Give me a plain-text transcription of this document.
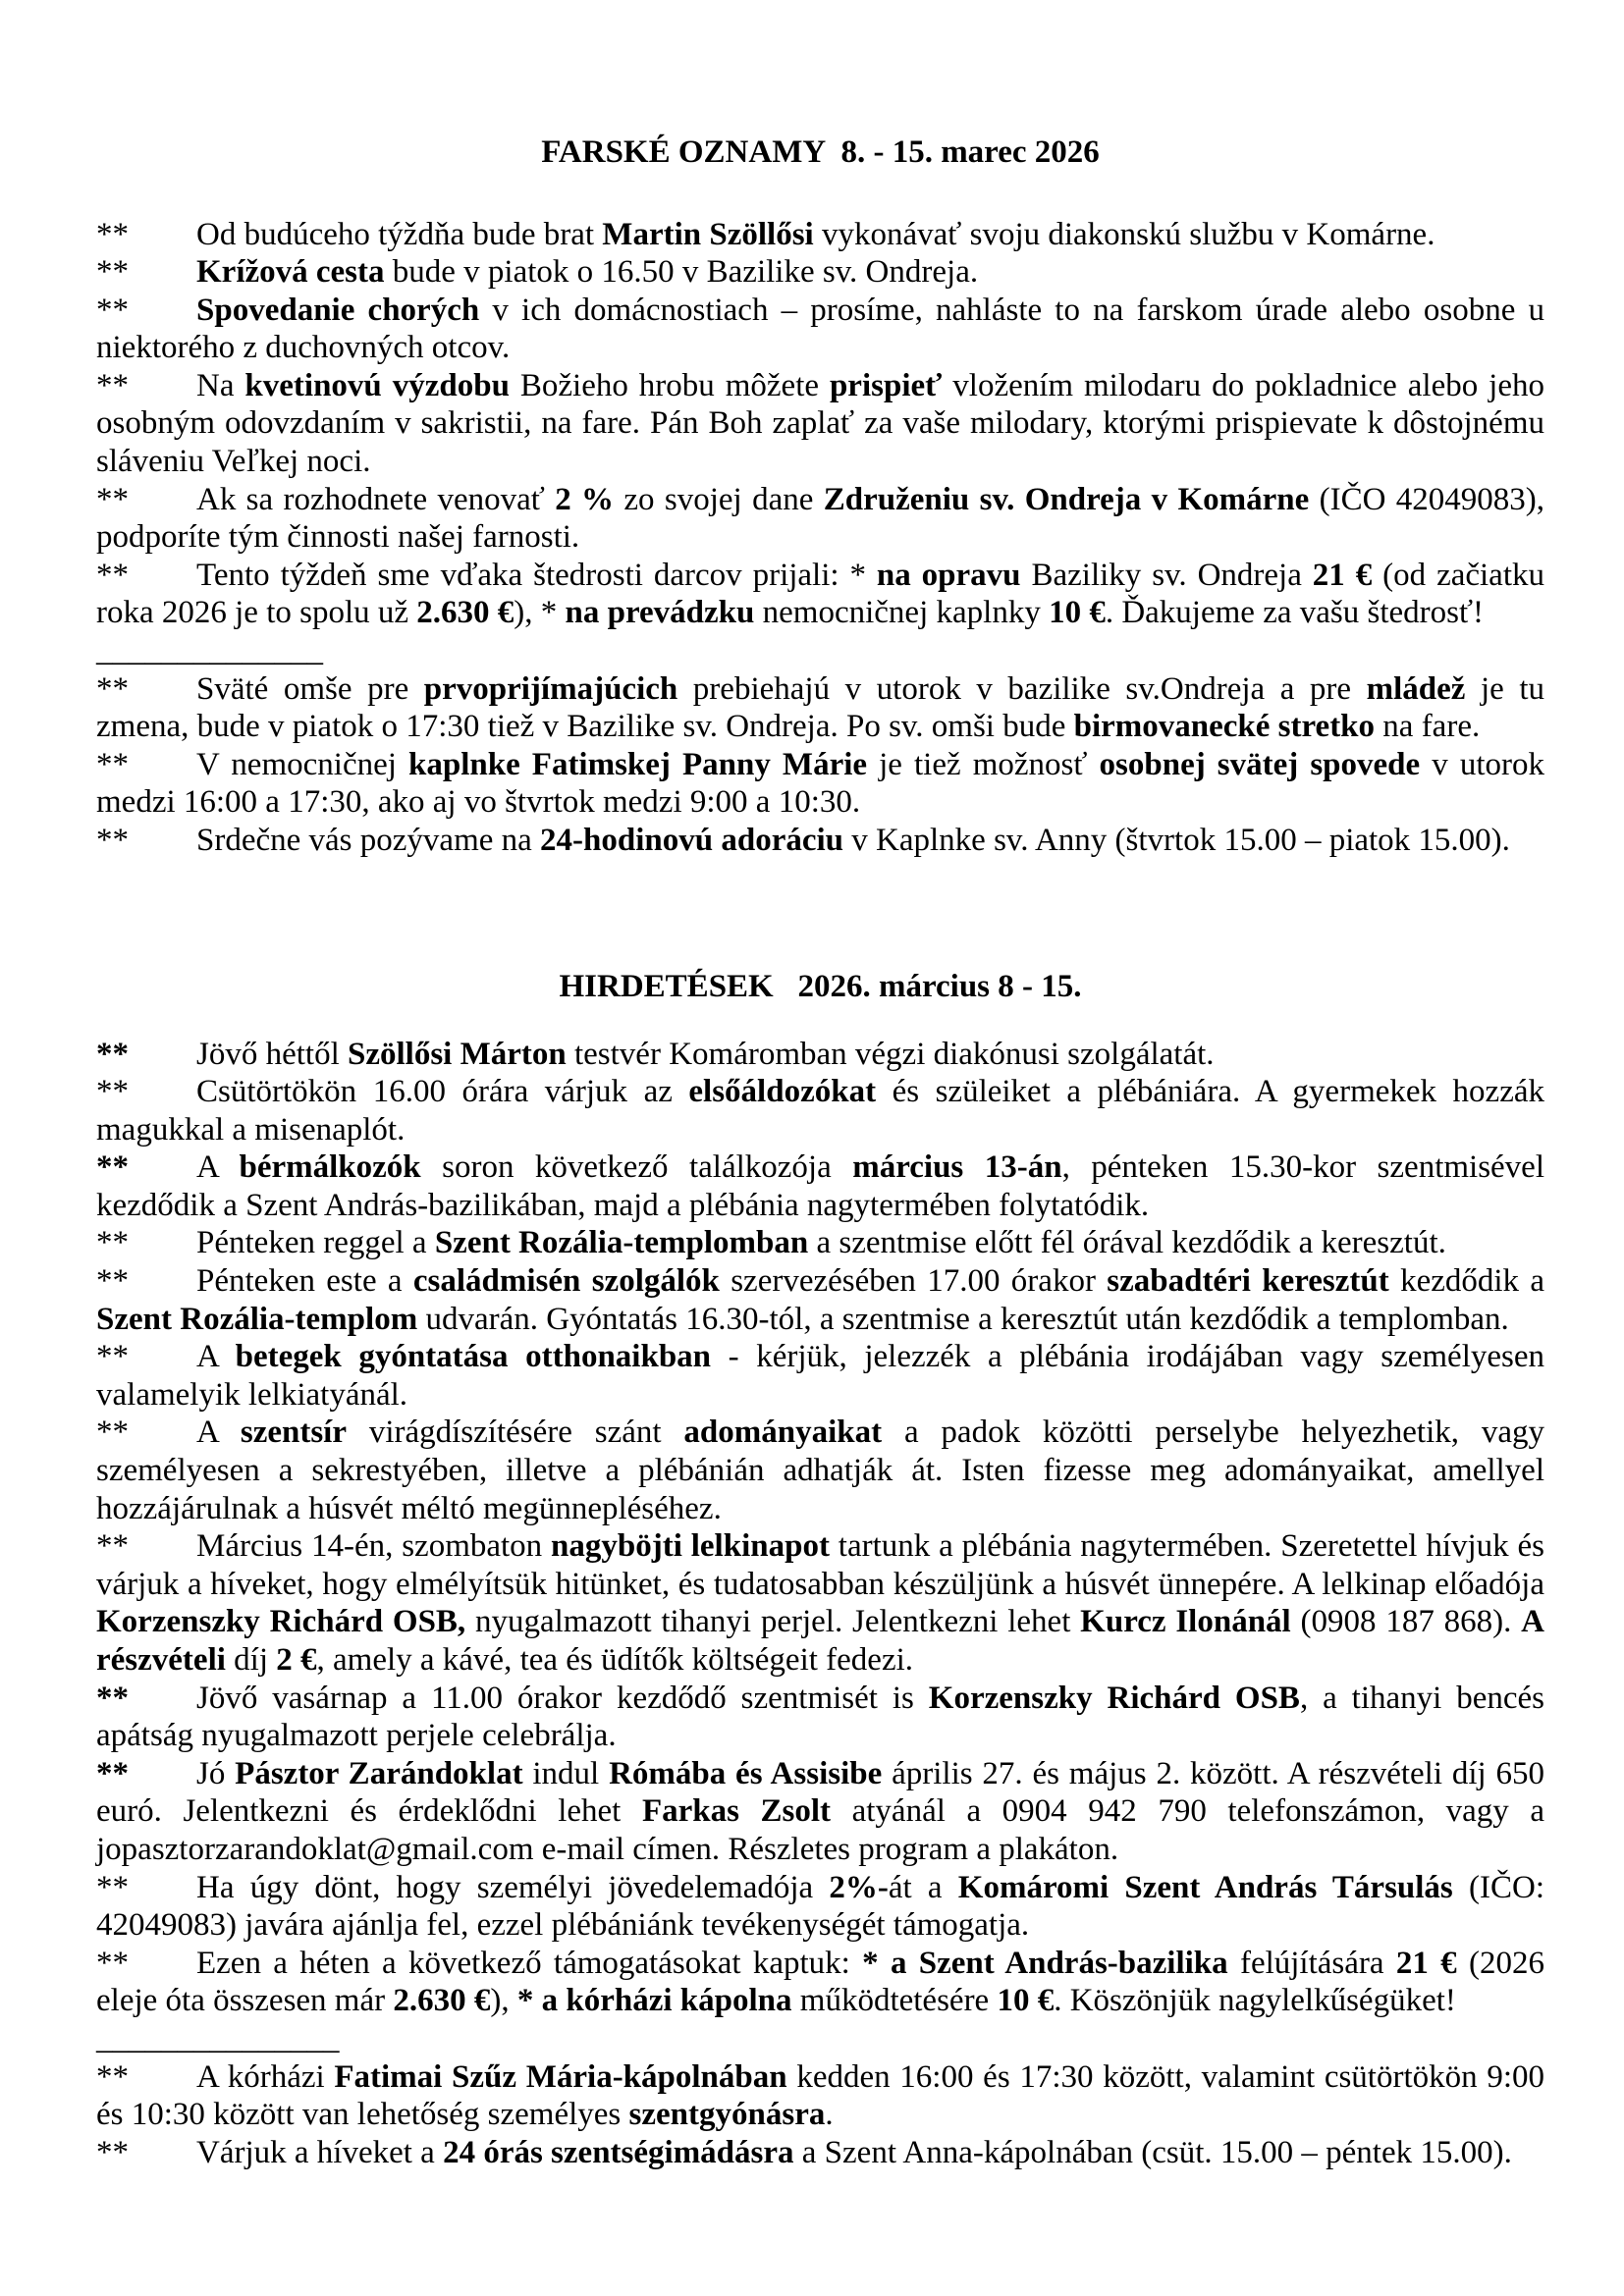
FARSKÉ OZNAMY  8. - 15. marec 2026

** Od budúceho týždňa bude brat Martin Szöllősi vykonávať svoju diakonskú službu v Komárne.

** Krížová cesta bude v piatok o 16.50 v Bazilike sv. Ondreja.

** Spovedanie chorých v ich domácnostiach – prosíme, nahláste to na farskom úrade alebo osobne u niektorého z duchovných otcov.

** Na kvetinovú výzdobu Božieho hrobu môžete prispieť vložením milodaru do pokladnice alebo jeho osobným odovzdaním v sakristii, na fare. Pán Boh zaplať za vaše milodary, ktorými prispievate k dôstojnému sláveniu Veľkej noci.

** Ak sa rozhodnete venovať 2 % zo svojej dane Združeniu sv. Ondreja v Komárne (IČO 42049083), podporíte tým činnosti našej farnosti.

** Tento týždeň sme vďaka štedrosti darcov prijali: * na opravu Baziliky sv. Ondreja 21 € (od začiatku roka 2026 je to spolu už 2.630 €), * na prevádzku nemocničnej kaplnky 10 €. Ďakujeme za vašu štedrosť!

______________

** Sväté omše pre prvoprijímajúcich prebiehajú v utorok v bazilike sv.Ondreja a pre mládež je tu zmena, bude v piatok o 17:30 tiež v Bazilike sv. Ondreja. Po sv. omši bude birmovanecké stretko na fare.

** V nemocničnej kaplnke Fatimskej Panny Márie je tiež možnosť osobnej svätej spovede v utorok medzi 16:00 a 17:30, ako aj vo štvrtok medzi 9:00 a 10:30.

** Srdečne vás pozývame na 24-hodinovú adoráciu v Kaplnke sv. Anny (štvrtok 15.00 – piatok 15.00).

HIRDETÉSEK   2026. március 8 - 15.

** Jövő héttől Szöllősi Márton testvér Komáromban végzi diakónusi szolgálatát.

** Csütörtökön 16.00 órára várjuk az elsőáldozókat és szüleiket a plébániára. A gyermekek hozzák magukkal a misenaplót.

** A bérmálkozók soron következő találkozója március 13-án, pénteken 15.30-kor szentmisével kezdődik a Szent András-bazilikában, majd a plébánia nagytermében folytatódik.

** Pénteken reggel a Szent Rozália-templomban a szentmise előtt fél órával kezdődik a keresztút.

** Pénteken este a családmisén szolgálók szervezésében 17.00 órakor szabadtéri keresztút kezdődik a Szent Rozália-templom udvarán. Gyóntatás 16.30-tól, a szentmise a keresztút után kezdődik a templomban.

** A betegek gyóntatása otthonaikban - kérjük, jelezzék a plébánia irodájában vagy személyesen valamelyik lelkiatyánál.

** A szentsír virágdíszítésére szánt adományaikat a padok közötti perselybe helyezhetik, vagy személyesen a sekrestyében, illetve a plébánián adhatják át. Isten fizesse meg adományaikat, amellyel hozzájárulnak a húsvét méltó megünnepléséhez.

** Március 14-én, szombaton nagyböjti lelkinapot tartunk a plébánia nagytermében. Szeretettel hívjuk és várjuk a híveket, hogy elmélyítsük hitünket, és tudatosabban készüljünk a húsvét ünnepére. A lelkinap előadója Korzenszky Richárd OSB, nyugalmazott tihanyi perjel. Jelentkezni lehet Kurcz Ilonánál (0908 187 868). A részvételi díj 2 €, amely a kávé, tea és üdítők költségeit fedezi.

** Jövő vasárnap a 11.00 órakor kezdődő szentmisét is Korzenszky Richárd OSB, a tihanyi bencés apátság nyugalmazott perjele celebrálja.

** Jó Pásztor Zarándoklat indul Rómába és Assisibe április 27. és május 2. között. A részvételi díj 650 euró. Jelentkezni és érdeklődni lehet Farkas Zsolt atyánál a 0904 942 790 telefonszámon, vagy a jopasztorzarandoklat@gmail.com e-mail címen. Részletes program a plakáton.

** Ha úgy dönt, hogy személyi jövedelemadója 2%-át a Komáromi Szent András Társulás (IČO: 42049083) javára ajánlja fel, ezzel plébániánk tevékenységét támogatja.

** Ezen a héten a következő támogatásokat kaptuk: * a Szent András-bazilika felújítására 21 € (2026 eleje óta összesen már 2.630 €), * a kórházi kápolna működtetésére 10 €. Köszönjük nagylelkűségüket!

_______________

** A kórházi Fatimai Szűz Mária-kápolnában kedden 16:00 és 17:30 között, valamint csütörtökön 9:00 és 10:30 között van lehetőség személyes szentgyónásra.

** Várjuk a híveket a 24 órás szentségimádásra a Szent Anna-kápolnában (csüt. 15.00 – péntek 15.00).
